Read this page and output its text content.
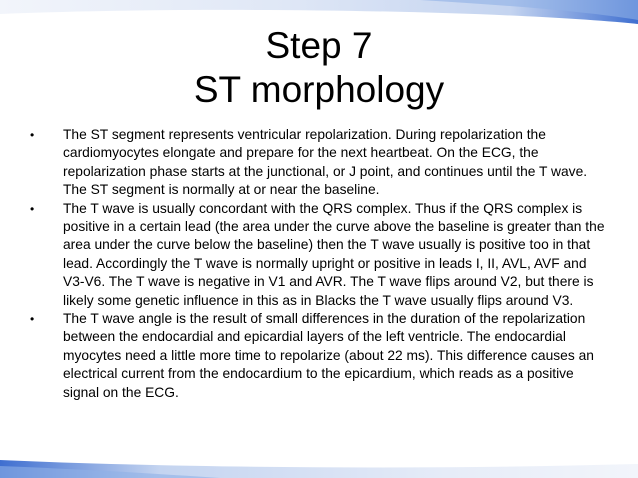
Step 7
ST morphology
• The ST segment represents ventricular repolarization. During repolarization the cardiomyocytes elongate and prepare for the next heartbeat. On the ECG, the repolarization phase starts at the junctional, or J point, and continues until the T wave. The ST segment is normally at or near the baseline.
• The T wave is usually concordant with the QRS complex. Thus if the QRS complex is positive in a certain lead (the area under the curve above the baseline is greater than the area under the curve below the baseline) then the T wave usually is positive too in that lead. Accordingly the T wave is normally upright or positive in leads I, II, AVL, AVF and V3-V6. The T wave is negative in V1 and AVR. The T wave flips around V2, but there is likely some genetic influence in this as in Blacks the T wave usually flips around V3.
• The T wave angle is the result of small differences in the duration of the repolarization between the endocardial and epicardial layers of the left ventricle. The endocardial myocytes need a little more time to repolarize (about 22 ms). This difference causes an electrical current from the endocardium to the epicardium, which reads as a positive signal on the ECG.
